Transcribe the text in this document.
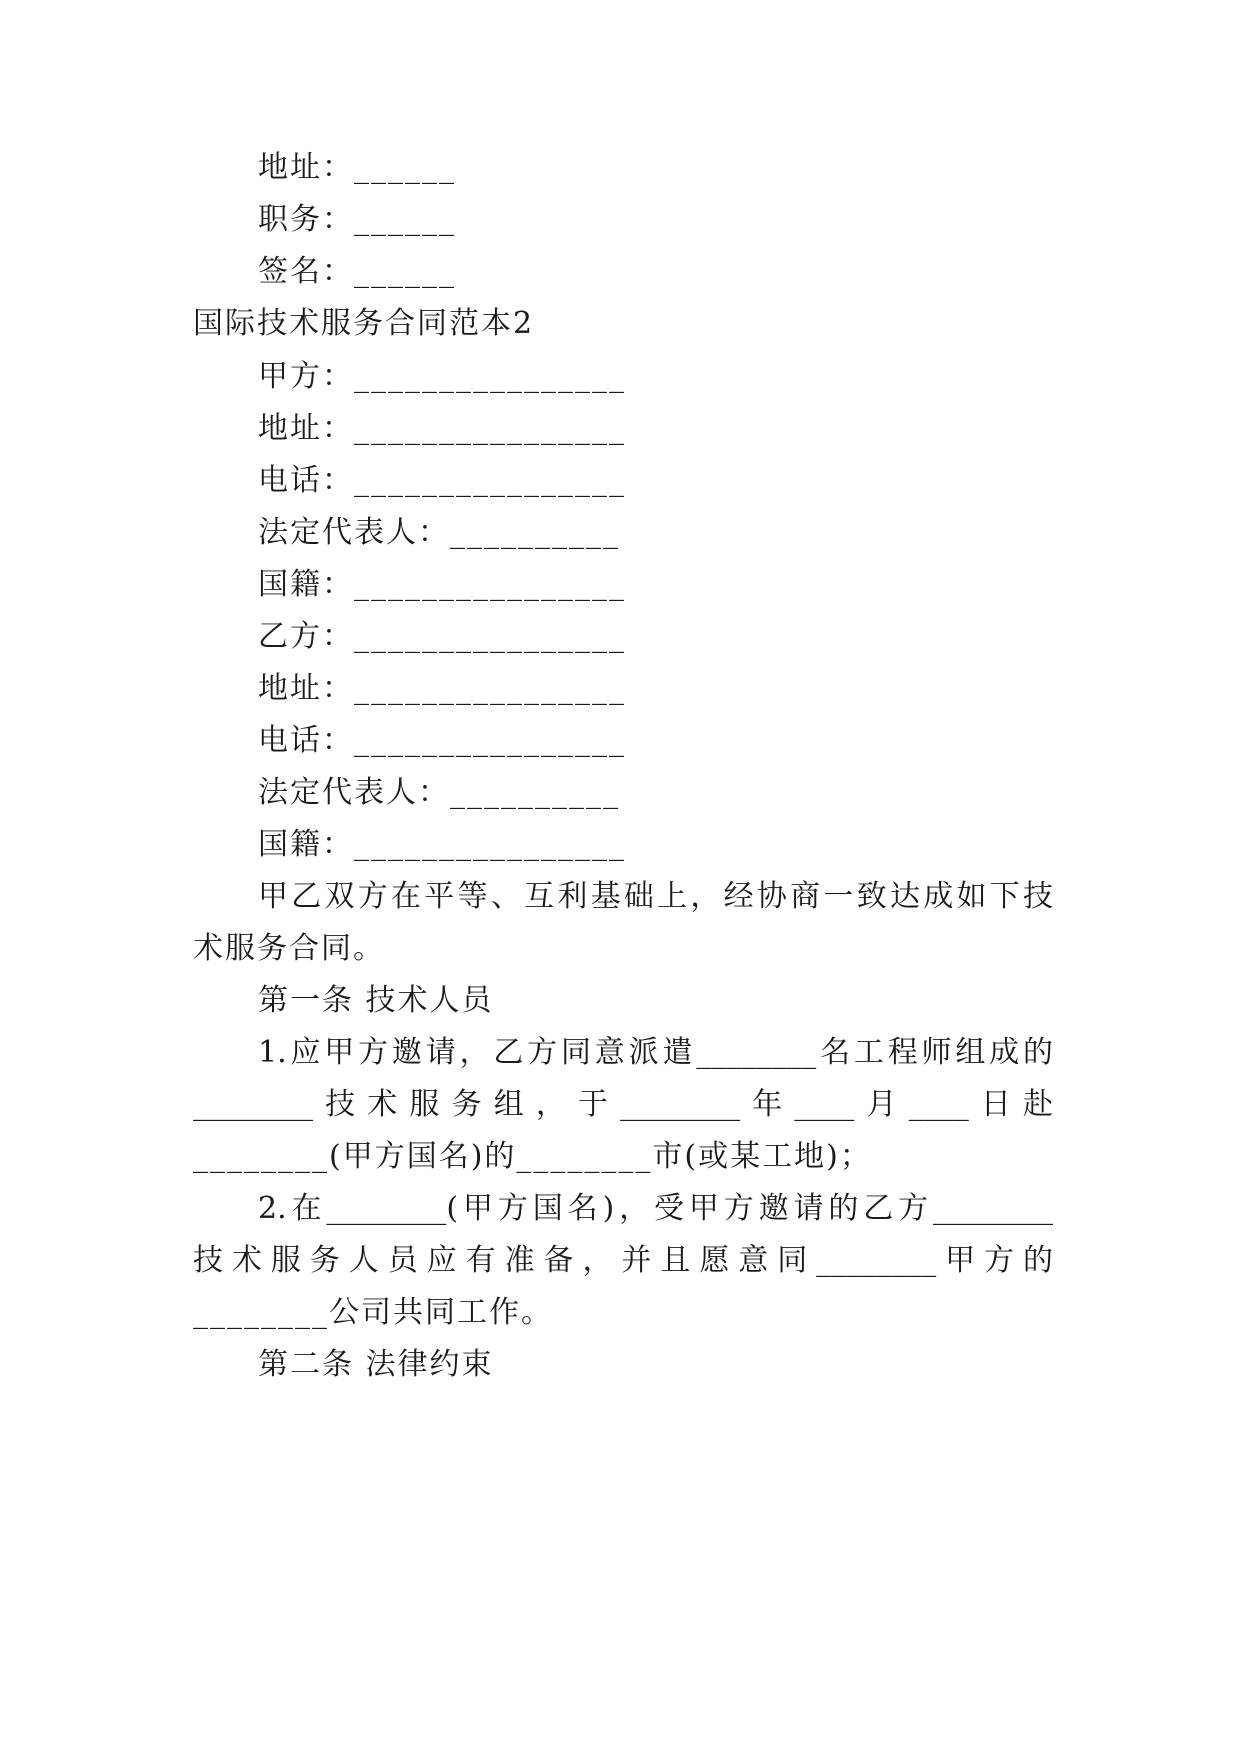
地址：______
职务：______
签名：______
国际技术服务合同范本2
甲方：________________
地址：________________
电话：________________
法定代表人：__________
国籍：________________
乙方：________________
地址：________________
电话：________________
法定代表人：__________
国籍：________________
甲乙双方在平等、互利基础上，经协商一致达成如下技
术服务合同。
第一条 技术人员
1.应甲方邀请，乙方同意派遣________名工程师组成的
________技术服务组，于________年____月____日赴
________(甲方国名)的________市(或某工地)；
2.在________(甲方国名)，受甲方邀请的乙方________
技术服务人员应有准备，并且愿意同________甲方的
________公司共同工作。
第二条 法律约束
